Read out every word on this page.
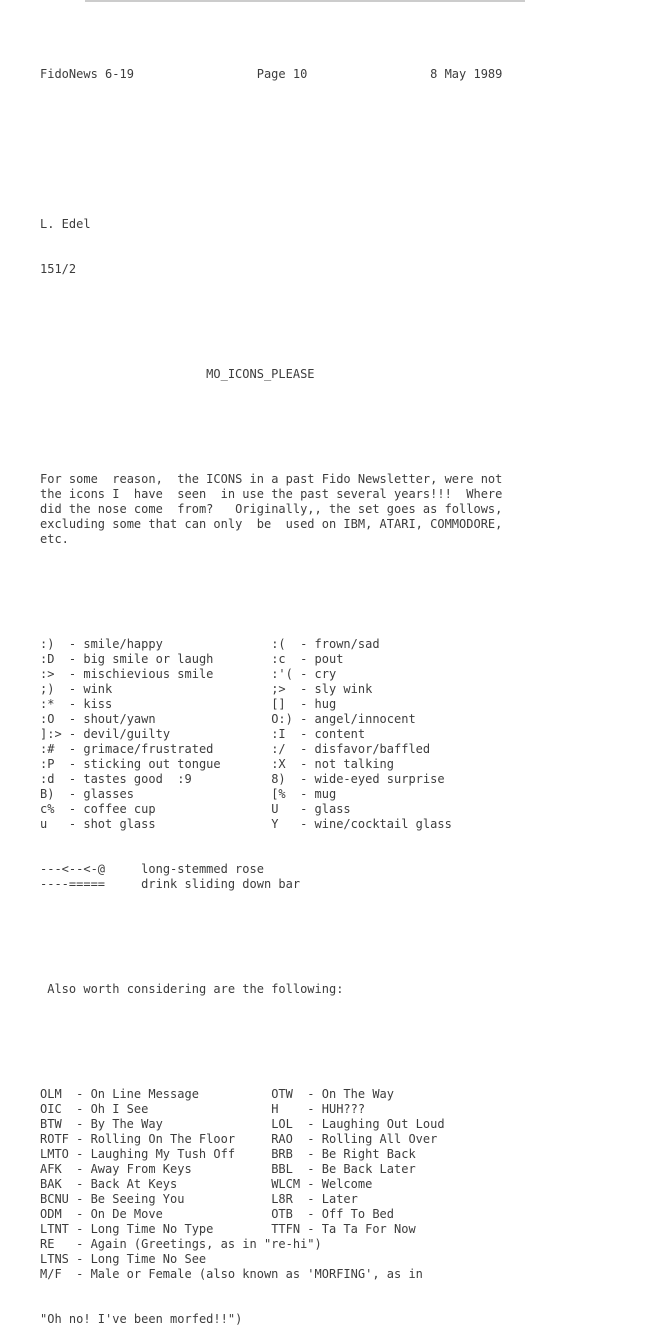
FidoNews 6-19

	Page 10

	8 May 1989

L. Edel

151/2

MO_ICONS_PLEASE

For some  reason,  the ICONS in a past Fido Newsletter, were not
the icons I  have  seen  in use the past several years!!!  Where
did the nose come  from?   Originally,, the set goes as follows,
excluding some that can only  be  used on IBM, ATARI, COMMODORE,
etc.

:) - smile/happy	:( - frown/sad
:D - big smile or laugh	:c - pout
:> - mischievious smile	:'( - cry
;) - wink	;> - sly wink
:* - kiss	[] - hug
:O - shout/yawn	O:) - angel/innocent
]:> - devil/guilty	:I - content
:# - grimace/frustrated	:/ - disfavor/baffled
:P - sticking out tongue	:X - not talking
:d - tastes good  :9	8) - wide-eyed surprise
B) - glasses	[% - mug
c% - coffee cup	U - glass
u - shot glass	Y - wine/cocktail glass

---<--<-@	long-stemmed rose
----=====	drink sliding down bar

Also worth considering are the following:

OLM - On Line Message	OTW - On The Way
OIC - Oh I See	H - HUH???
BTW - By The Way	LOL - Laughing Out Loud
ROTF - Rolling On The Floor	RAO - Rolling All Over
LMTO - Laughing My Tush Off	BRB - Be Right Back
AFK - Away From Keys	BBL - Be Back Later
BAK - Back At Keys	WLCM - Welcome
BCNU - Be Seeing You	L8R - Later
ODM - On De Move	OTB - Off To Bed
LTNT - Long Time No Type	TTFN - Ta Ta For Now
RE - Again (Greetings, as in "re-hi")
LTNS - Long Time No See
M/F - Male or Female (also known as 'MORFING', as in

"Oh no! I've been morfed!!")
